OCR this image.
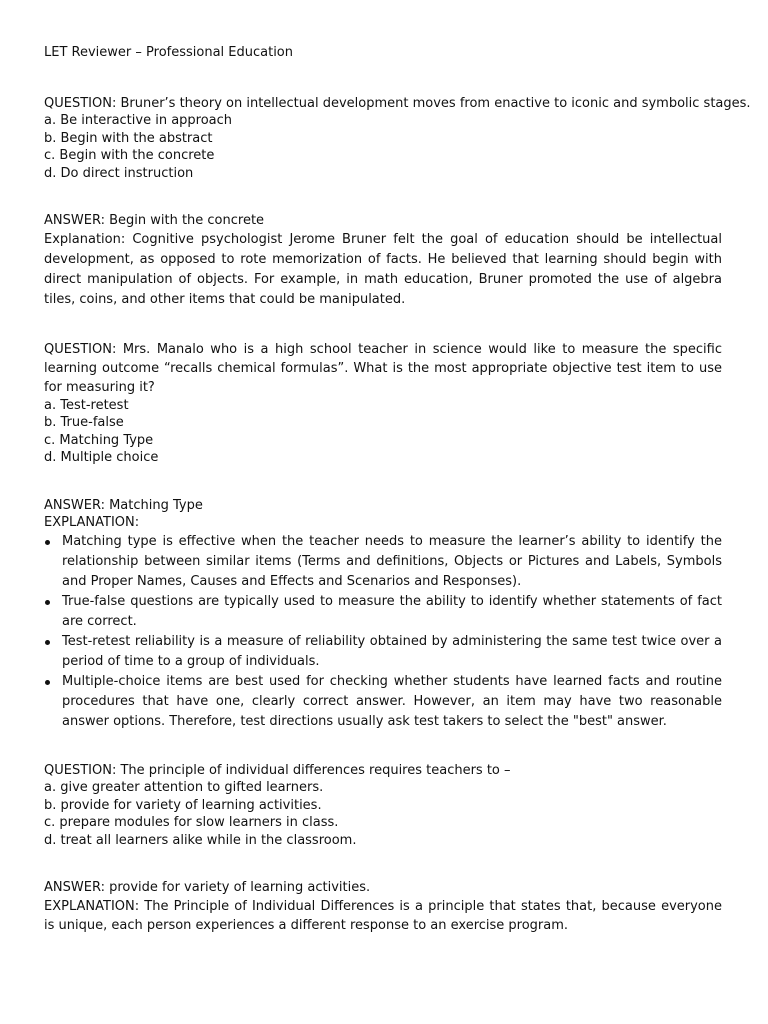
LET Reviewer – Professional Education
QUESTION: Bruner’s theory on intellectual development moves from enactive to iconic and symbolic stages.
a. Be interactive in approach
b. Begin with the abstract
c. Begin with the concrete
d. Do direct instruction
ANSWER: Begin with the concrete
Explanation: Cognitive psychologist Jerome Bruner felt the goal of education should be intellectual development, as opposed to rote memorization of facts. He believed that learning should begin with direct manipulation of objects. For example, in math education, Bruner promoted the use of algebra tiles, coins, and other items that could be manipulated.
QUESTION: Mrs. Manalo who is a high school teacher in science would like to measure the specific learning outcome “recalls chemical formulas”. What is the most appropriate objective test item to use for measuring it?
a. Test-retest
b. True-false
c. Matching Type
d. Multiple choice
ANSWER: Matching Type
EXPLANATION:
Matching type is effective when the teacher needs to measure the learner’s ability to identify the relationship between similar items (Terms and definitions, Objects or Pictures and Labels, Symbols and Proper Names, Causes and Effects and Scenarios and Responses).
True-false questions are typically used to measure the ability to identify whether statements of fact are correct.
Test-retest reliability is a measure of reliability obtained by administering the same test twice over a period of time to a group of individuals.
Multiple-choice items are best used for checking whether students have learned facts and routine procedures that have one, clearly correct answer. However, an item may have two reasonable answer options. Therefore, test directions usually ask test takers to select the "best" answer.
QUESTION: The principle of individual differences requires teachers to –
a. give greater attention to gifted learners.
b. provide for variety of learning activities.
c. prepare modules for slow learners in class.
d. treat all learners alike while in the classroom.
ANSWER: provide for variety of learning activities.
EXPLANATION: The Principle of Individual Differences is a principle that states that, because everyone is unique, each person experiences a different response to an exercise program.
